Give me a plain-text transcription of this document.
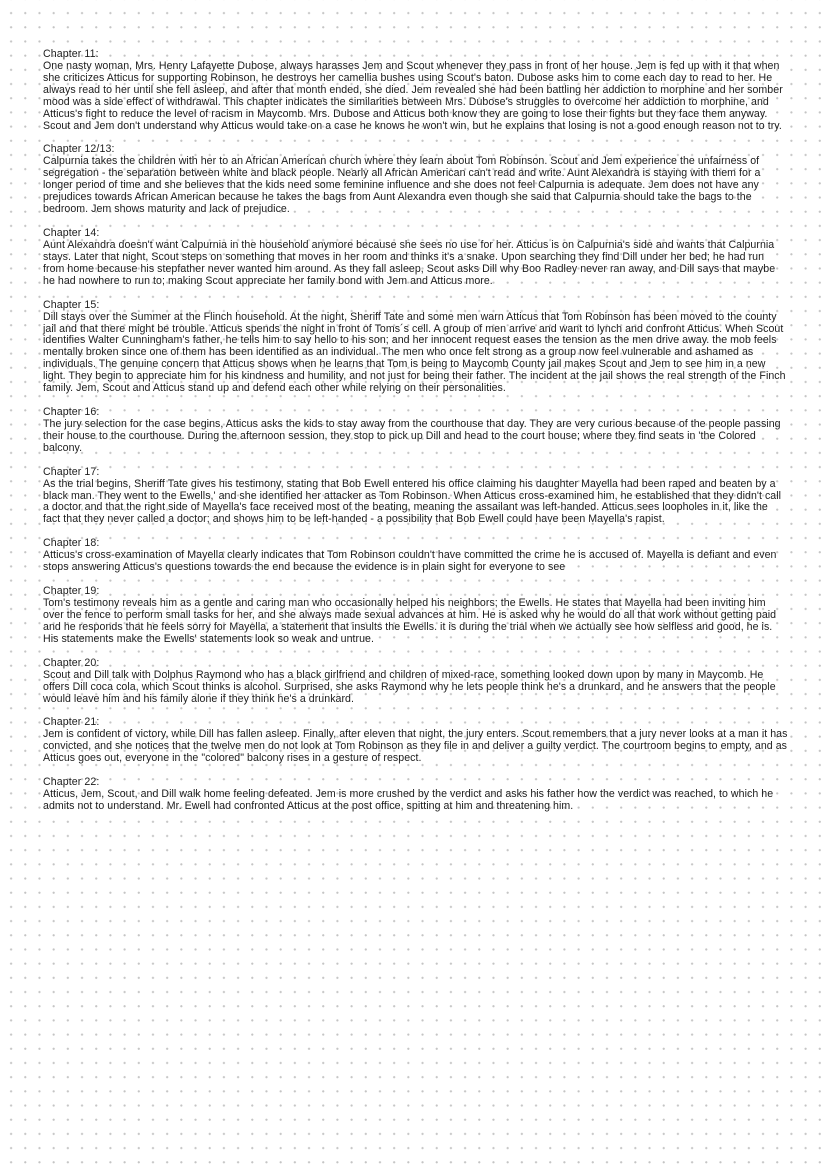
Chapter 11:

One nasty woman, Mrs. Henry Lafayette Dubose, always harasses Jem and Scout whenever they pass in front of her house. Jem is fed up with it that when she criticizes Atticus for supporting Robinson, he destroys her camellia bushes using Scout's baton. Dubose asks him to come each day to read to her. He always read to her until she fell asleep, and after that month ended, she died. Jem revealed she had been battling her addiction to morphine and her somber mood was a side effect of withdrawal. This chapter indicates the similarities between Mrs. Dubose's struggles to overcome her addiction to morphine, and Atticus's fight to reduce the level of racism in Maycomb. Mrs. Dubose and Atticus both know they are going to lose their fights but they face them anyway. Scout and Jem don't understand why Atticus would take on a case he knows he won't win, but he explains that losing is not a good enough reason not to try.

Chapter 12/13:

Calpurnia takes the children with her to an African American church where they learn about Tom Robinson. Scout and Jem experience the unfairness of segregation - the separation between white and black people. Nearly all African American can't read and write. Aunt Alexandra is staying with them for a longer period of time and she believes that the kids need some feminine influence and she does not feel Calpurnia is adequate. Jem does not have any prejudices towards African American because he takes the bags from Aunt Alexandra even though she said that Calpurnia should take the bags to the bedroom. Jem shows maturity and lack of prejudice.

Chapter 14:

Aunt Alexandra doesn't want Calpurnia in the household anymore because she sees no use for her. Atticus is on Calpurnia's side and wants that Calpurnia stays. Later that night, Scout steps on something that moves in her room and thinks it's a snake. Upon searching they find Dill under her bed; he had run from home because his stepfather never wanted him around. As they fall asleep, Scout asks Dill why Boo Radley never ran away, and Dill says that maybe he had nowhere to run to; making Scout appreciate her family bond with Jem and Atticus more.

Chapter 15:

Dill stays over the Summer at the Flinch household. At the night, Sheriff Tate and some men warn Atticus that Tom Robinson has been moved to the county jail and that there might be trouble. Atticus spends the night in front of Toms´s cell. A group of men arrive and want to lynch and confront Atticus. When Scout identifies Walter Cunningham's father, he tells him to say hello to his son; and her innocent request eases the tension as the men drive away. the mob feels mentally broken since one of them has been identified as an individual. The men who once felt strong as a group now feel vulnerable and ashamed as individuals. The genuine concern that Atticus shows when he learns that Tom is being to Maycomb County jail makes Scout and Jem to see him in a new light. They begin to appreciate him for his kindness and humility, and not just for being their father. The incident at the jail shows the real strength of the Finch family. Jem, Scout and Atticus stand up and defend each other while relying on their personalities.

Chapter 16:

The jury selection for the case begins, Atticus asks the kids to stay away from the courthouse that day. They are very curious because of the people passing their house to the courthouse. During the afternoon session, they stop to pick up Dill and head to the court house; where they find seats in 'the Colored balcony.

Chapter 17:

As the trial begins, Sheriff Tate gives his testimony, stating that Bob Ewell entered his office claiming his daughter Mayella had been raped and beaten by a black man. They went to the Ewells,' and she identified her attacker as Tom Robinson. When Atticus cross-examined him, he established that they didn't call a doctor and that the right side of Mayella's face received most of the beating, meaning the assailant was left-handed. Atticus sees loopholes in it, like the fact that they never called a doctor; and shows him to be left-handed - a possibility that Bob Ewell could have been Mayella's rapist.

Chapter 18:

Atticus's cross-examination of Mayella clearly indicates that Tom Robinson couldn't have committed the crime he is accused of. Mayella is defiant and even stops answering Atticus's questions towards the end because the evidence is in plain sight for everyone to see

Chapter 19:

Tom's testimony reveals him as a gentle and caring man who occasionally helped his neighbors; the Ewells. He states that Mayella had been inviting him over the fence to perform small tasks for her, and she always made sexual advances at him. He is asked why he would do all that work without getting paid and he responds that he feels sorry for Mayella, a statement that insults the Ewells. it is during the trial when we actually see how selfless and good, he is. His statements make the Ewells' statements look so weak and untrue.

Chapter 20:

Scout and Dill talk with Dolphus Raymond who has a black girlfriend and children of mixed-race, something looked down upon by many in Maycomb. He offers Dill coca cola, which Scout thinks is alcohol. Surprised, she asks Raymond why he lets people think he's a drunkard, and he answers that the people would leave him and his family alone if they think he's a drunkard.

Chapter 21:

Jem is confident of victory, while Dill has fallen asleep. Finally, after eleven that night, the jury enters. Scout remembers that a jury never looks at a man it has convicted, and she notices that the twelve men do not look at Tom Robinson as they file in and deliver a guilty verdict. The courtroom begins to empty, and as Atticus goes out, everyone in the "colored" balcony rises in a gesture of respect.

Chapter 22:

Atticus, Jem, Scout, and Dill walk home feeling defeated. Jem is more crushed by the verdict and asks his father how the verdict was reached, to which he admits not to understand. Mr. Ewell had confronted Atticus at the post office, spitting at him and threatening him.
